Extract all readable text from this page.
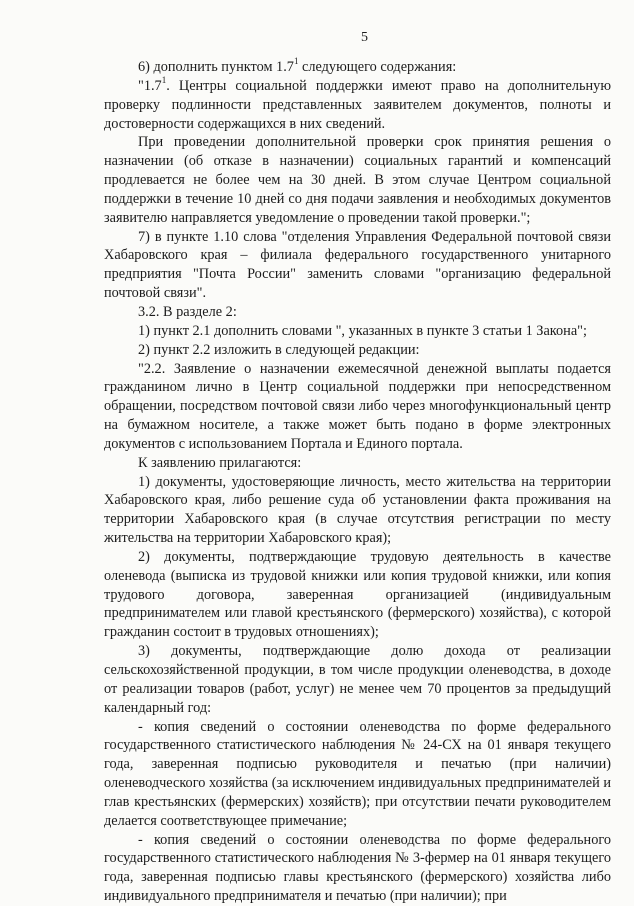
5

6) дополнить пунктом $1.7^1$ следующего содержания:

"$1.7^1$. Центры социальной поддержки имеют право на дополнительную проверку подлинности представленных заявителем документов, полноты и достоверности содержащихся в них сведений.

При проведении дополнительной проверки срок принятия решения о назначении (об отказе в назначении) социальных гарантий и компенсаций продлевается не более чем на 30 дней. В этом случае Центром социальной поддержки в течение 10 дней со дня подачи заявления и необходимых документов заявителю направляется уведомление о проведении такой проверки.";

7) в пункте 1.10 слова "отделения Управления Федеральной почтовой связи Хабаровского края – филиала федерального государственного унитарного предприятия "Почта России" заменить словами "организацию федеральной почтовой связи".

3.2. В разделе 2:

1) пункт 2.1 дополнить словами ", указанных в пункте 3 статьи 1 Закона";

2) пункт 2.2 изложить в следующей редакции:

"2.2. Заявление о назначении ежемесячной денежной выплаты подается гражданином лично в Центр социальной поддержки при непосредственном обращении, посредством почтовой связи либо через многофункциональный центр на бумажном носителе, а также может быть подано в форме электронных документов с использованием Портала и Единого портала.

К заявлению прилагаются:

1) документы, удостоверяющие личность, место жительства на территории Хабаровского края, либо решение суда об установлении факта проживания на территории Хабаровского края (в случае отсутствия регистрации по месту жительства на территории Хабаровского края);

2) документы, подтверждающие трудовую деятельность в качестве оленевода (выписка из трудовой книжки или копия трудовой книжки, или копия трудового договора, заверенная организацией (индивидуальным предпринимателем или главой крестьянского (фермерского) хозяйства), с которой гражданин состоит в трудовых отношениях);

3) документы, подтверждающие долю дохода от реализации сельскохозяйственной продукции, в том числе продукции оленеводства, в доходе от реализации товаров (работ, услуг) не менее чем 70 процентов за предыдущий календарный год:

- копия сведений о состоянии оленеводства по форме федерального государственного статистического наблюдения № 24-СХ на 01 января текущего года, заверенная подписью руководителя и печатью (при наличии) оленеводческого хозяйства (за исключением индивидуальных предпринимателей и глав крестьянских (фермерских) хозяйств); при отсутствии печати руководителем делается соответствующее примечание;

- копия сведений о состоянии оленеводства по форме федерального государственного статистического наблюдения № 3-фермер на 01 января текущего года, заверенная подписью главы крестьянского (фермерского) хозяйства либо индивидуального предпринимателя и печатью (при наличии); при
